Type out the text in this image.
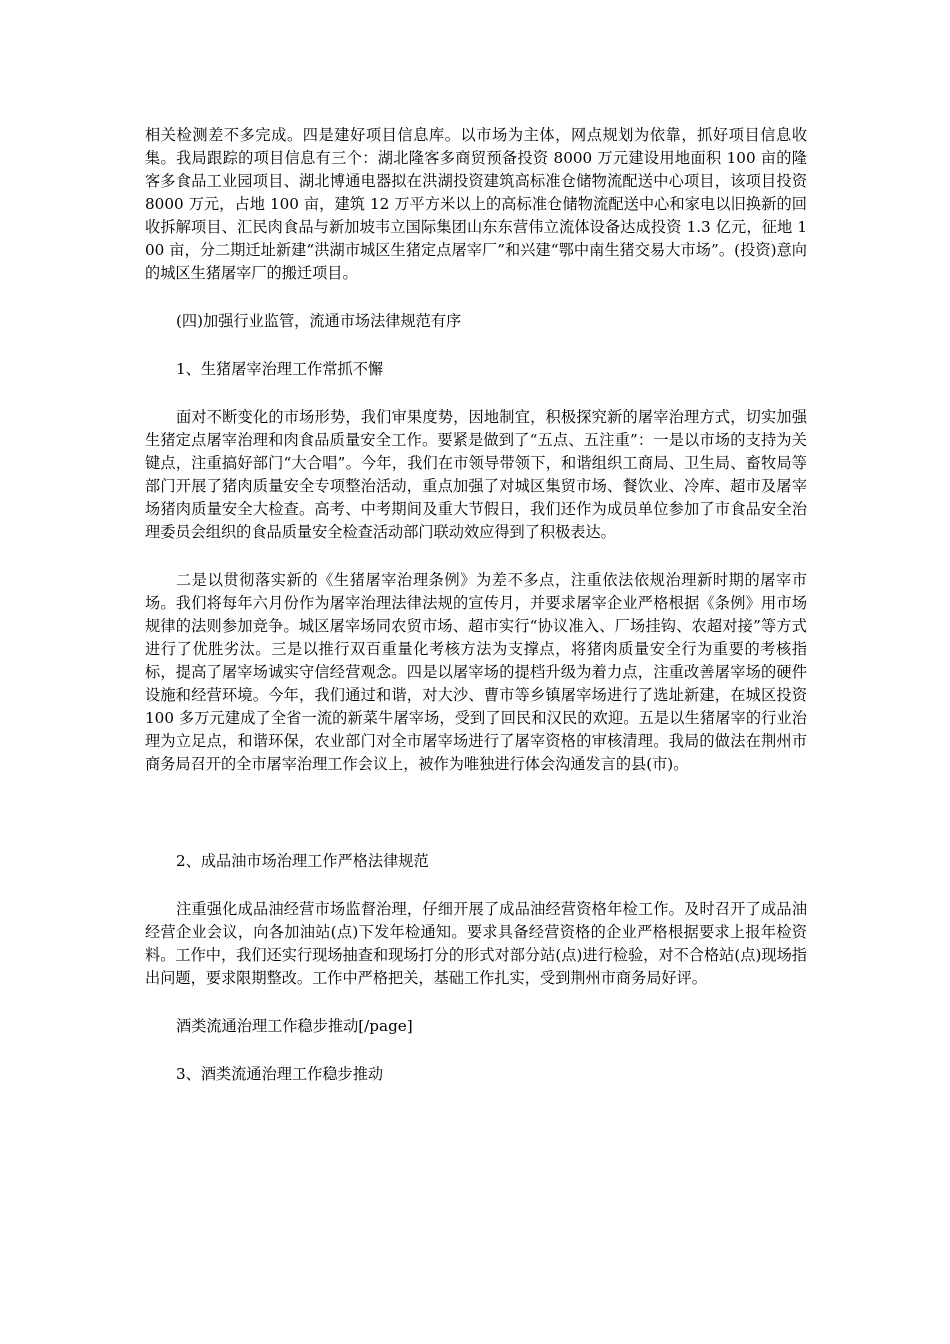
相关检测差不多完成。四是建好项目信息库。以市场为主体，网点规划为依靠，抓好项目信息收集。我局跟踪的项目信息有三个：湖北隆客多商贸预备投资 8000 万元建设用地面积 100 亩的隆客多食品工业园项目、湖北博通电器拟在洪湖投资建筑高标准仓储物流配送中心项目，该项目投资 8000 万元，占地 100 亩，建筑 12 万平方米以上的高标准仓储物流配送中心和家电以旧换新的回收拆解项目、汇民肉食品与新加坡韦立国际集团山东东营伟立流体设备达成投资 1.3 亿元，征地 100 亩，分二期迁址新建“洪湖市城区生猪定点屠宰厂”和兴建“鄂中南生猪交易大市场”。(投资)意向的城区生猪屠宰厂的搬迁项目。

(四)加强行业监管，流通市场法律规范有序

1、生猪屠宰治理工作常抓不懈

面对不断变化的市场形势，我们审果度势，因地制宜，积极探究新的屠宰治理方式，切实加强生猪定点屠宰治理和肉食品质量安全工作。要紧是做到了“五点、五注重”：一是以市场的支持为关键点，注重搞好部门“大合唱”。今年，我们在市领导带领下，和谐组织工商局、卫生局、畜牧局等部门开展了猪肉质量安全专项整治活动，重点加强了对城区集贸市场、餐饮业、冷库、超市及屠宰场猪肉质量安全大检查。高考、中考期间及重大节假日，我们还作为成员单位参加了市食品安全治理委员会组织的食品质量安全检查活动部门联动效应得到了积极表达。

二是以贯彻落实新的《生猪屠宰治理条例》为差不多点，注重依法依规治理新时期的屠宰市场。我们将每年六月份作为屠宰治理法律法规的宣传月，并要求屠宰企业严格根据《条例》用市场规律的法则参加竞争。城区屠宰场同农贸市场、超市实行“协议准入、厂场挂钩、农超对接”等方式进行了优胜劣汰。三是以推行双百重量化考核方法为支撑点，将猪肉质量安全行为重要的考核指标，提高了屠宰场诚实守信经营观念。四是以屠宰场的提档升级为着力点，注重改善屠宰场的硬件设施和经营环境。今年，我们通过和谐，对大沙、曹市等乡镇屠宰场进行了选址新建，在城区投资 100 多万元建成了全省一流的新菜牛屠宰场，受到了回民和汉民的欢迎。五是以生猪屠宰的行业治理为立足点，和谐环保，农业部门对全市屠宰场进行了屠宰资格的审核清理。我局的做法在荆州市商务局召开的全市屠宰治理工作会议上，被作为唯独进行体会沟通发言的县(市)。

2、成品油市场治理工作严格法律规范

注重强化成品油经营市场监督治理，仔细开展了成品油经营资格年检工作。及时召开了成品油经营企业会议，向各加油站(点)下发年检通知。要求具备经营资格的企业严格根据要求上报年检资料。工作中，我们还实行现场抽查和现场打分的形式对部分站(点)进行检验，对不合格站(点)现场指出问题，要求限期整改。工作中严格把关，基础工作扎实，受到荆州市商务局好评。

酒类流通治理工作稳步推动[/page]

3、酒类流通治理工作稳步推动
